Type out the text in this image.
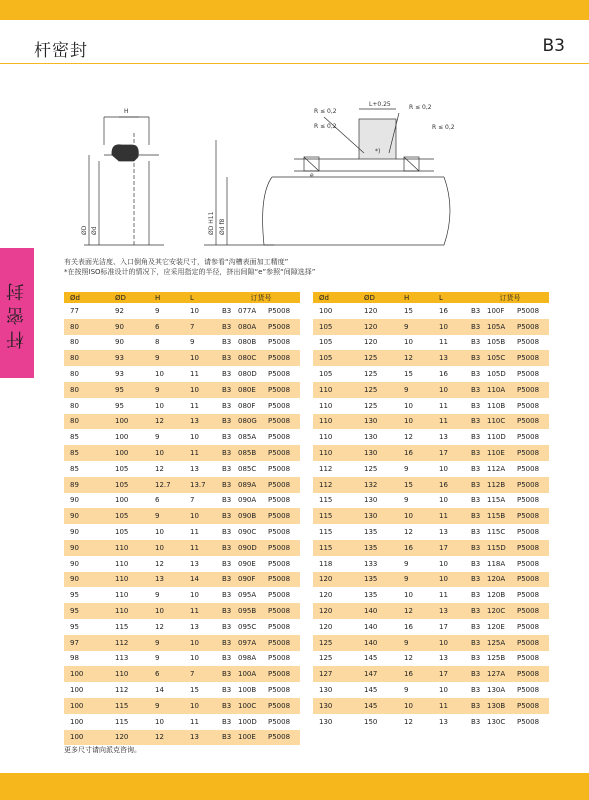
杆密封	B3
杆密封
H
ØD Ød	ØD H11 Ød f8
L+0.25
R ≤ 0,2
R ≤ 0,2
R ≤ 0,2
R ≤ 0,2
*)
e
有关表面光洁度、入口倒角及其它安装尺寸，请参看“沟槽表面加工精度”
*在按照ISO标准设计的情况下，应采用指定的半径，挤出间隙“e”参照“间隙选择”
Ød	ØD	H	L	订货号		
77	92	9	10	B3	077A	P5008
80	90	6	7	B3	080A	P5008
80	90	8	9	B3	080B	P5008
80	93	9	10	B3	080C	P5008
80	93	10	11	B3	080D	P5008
80	95	9	10	B3	080E	P5008
80	95	10	11	B3	080F	P5008
80	100	12	13	B3	080G	P5008
85	100	9	10	B3	085A	P5008
85	100	10	11	B3	085B	P5008
85	105	12	13	B3	085C	P5008
89	105	12.7	13.7	B3	089A	P5008
90	100	6	7	B3	090A	P5008
90	105	9	10	B3	090B	P5008
90	105	10	11	B3	090C	P5008
90	110	10	11	B3	090D	P5008
90	110	12	13	B3	090E	P5008
90	110	13	14	B3	090F	P5008
95	110	9	10	B3	095A	P5008
95	110	10	11	B3	095B	P5008
95	115	12	13	B3	095C	P5008
97	112	9	10	B3	097A	P5008
98	113	9	10	B3	098A	P5008
100	110	6	7	B3	100A	P5008
100	112	14	15	B3	100B	P5008
100	115	9	10	B3	100C	P5008
100	115	10	11	B3	100D	P5008
100	120	12	13	B3	100E	P5008
Ød	ØD	H	L	订货号		
100	120	15	16	B3	100F	P5008
105	120	9	10	B3	105A	P5008
105	120	10	11	B3	105B	P5008
105	125	12	13	B3	105C	P5008
105	125	15	16	B3	105D	P5008
110	125	9	10	B3	110A	P5008
110	125	10	11	B3	110B	P5008
110	130	10	11	B3	110C	P5008
110	130	12	13	B3	110D	P5008
110	130	16	17	B3	110E	P5008
112	125	9	10	B3	112A	P5008
112	132	15	16	B3	112B	P5008
115	130	9	10	B3	115A	P5008
115	130	10	11	B3	115B	P5008
115	135	12	13	B3	115C	P5008
115	135	16	17	B3	115D	P5008
118	133	9	10	B3	118A	P5008
120	135	9	10	B3	120A	P5008
120	135	10	11	B3	120B	P5008
120	140	12	13	B3	120C	P5008
120	140	16	17	B3	120E	P5008
125	140	9	10	B3	125A	P5008
125	145	12	13	B3	125B	P5008
127	147	16	17	B3	127A	P5008
130	145	9	10	B3	130A	P5008
130	145	10	11	B3	130B	P5008
130	150	12	13	B3	130C	P5008
更多尺寸请向派克咨询。
